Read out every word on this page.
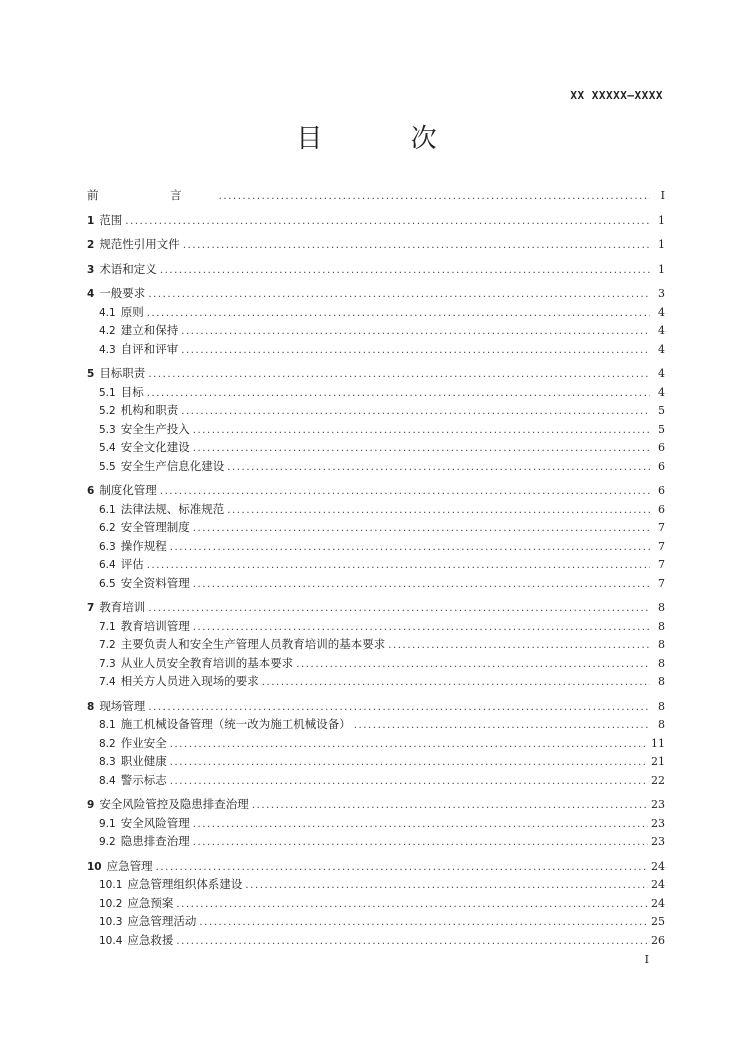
XX XXXXX—XXXX
目 次
前 言 .....	I
1 范围 .....	1
2 规范性引用文件 .....	1
3 术语和定义 .....	1
4 一般要求 .....	3
4.1 原则 .....	4
4.2 建立和保持 .....	4
4.3 自评和评审 .....	4
5 目标职责 .....	4
5.1 目标 .....	4
5.2 机构和职责 .....	5
5.3 安全生产投入 .....	5
5.4 安全文化建设 .....	6
5.5 安全生产信息化建设 .....	6
6 制度化管理 .....	6
6.1 法律法规、标准规范 .....	6
6.2 安全管理制度 .....	7
6.3 操作规程 .....	7
6.4 评估 .....	7
6.5 安全资料管理 .....	7
7 教育培训 .....	8
7.1 教育培训管理 .....	8
7.2 主要负责人和安全生产管理人员教育培训的基本要求 .....	8
7.3 从业人员安全教育培训的基本要求 .....	8
7.4 相关方人员进入现场的要求 .....	8
8 现场管理 .....	8
8.1 施工机械设备管理（统一改为施工机械设备） .....	8
8.2 作业安全 .....	11
8.3 职业健康 .....	21
8.4 警示标志 .....	22
9 安全风险管控及隐患排查治理 .....	23
9.1 安全风险管理 .....	23
9.2 隐患排查治理 .....	23
10 应急管理 .....	24
10.1 应急管理组织体系建设 .....	24
10.2 应急预案 .....	24
10.3 应急管理活动 .....	25
10.4 应急救援 .....	26
I
